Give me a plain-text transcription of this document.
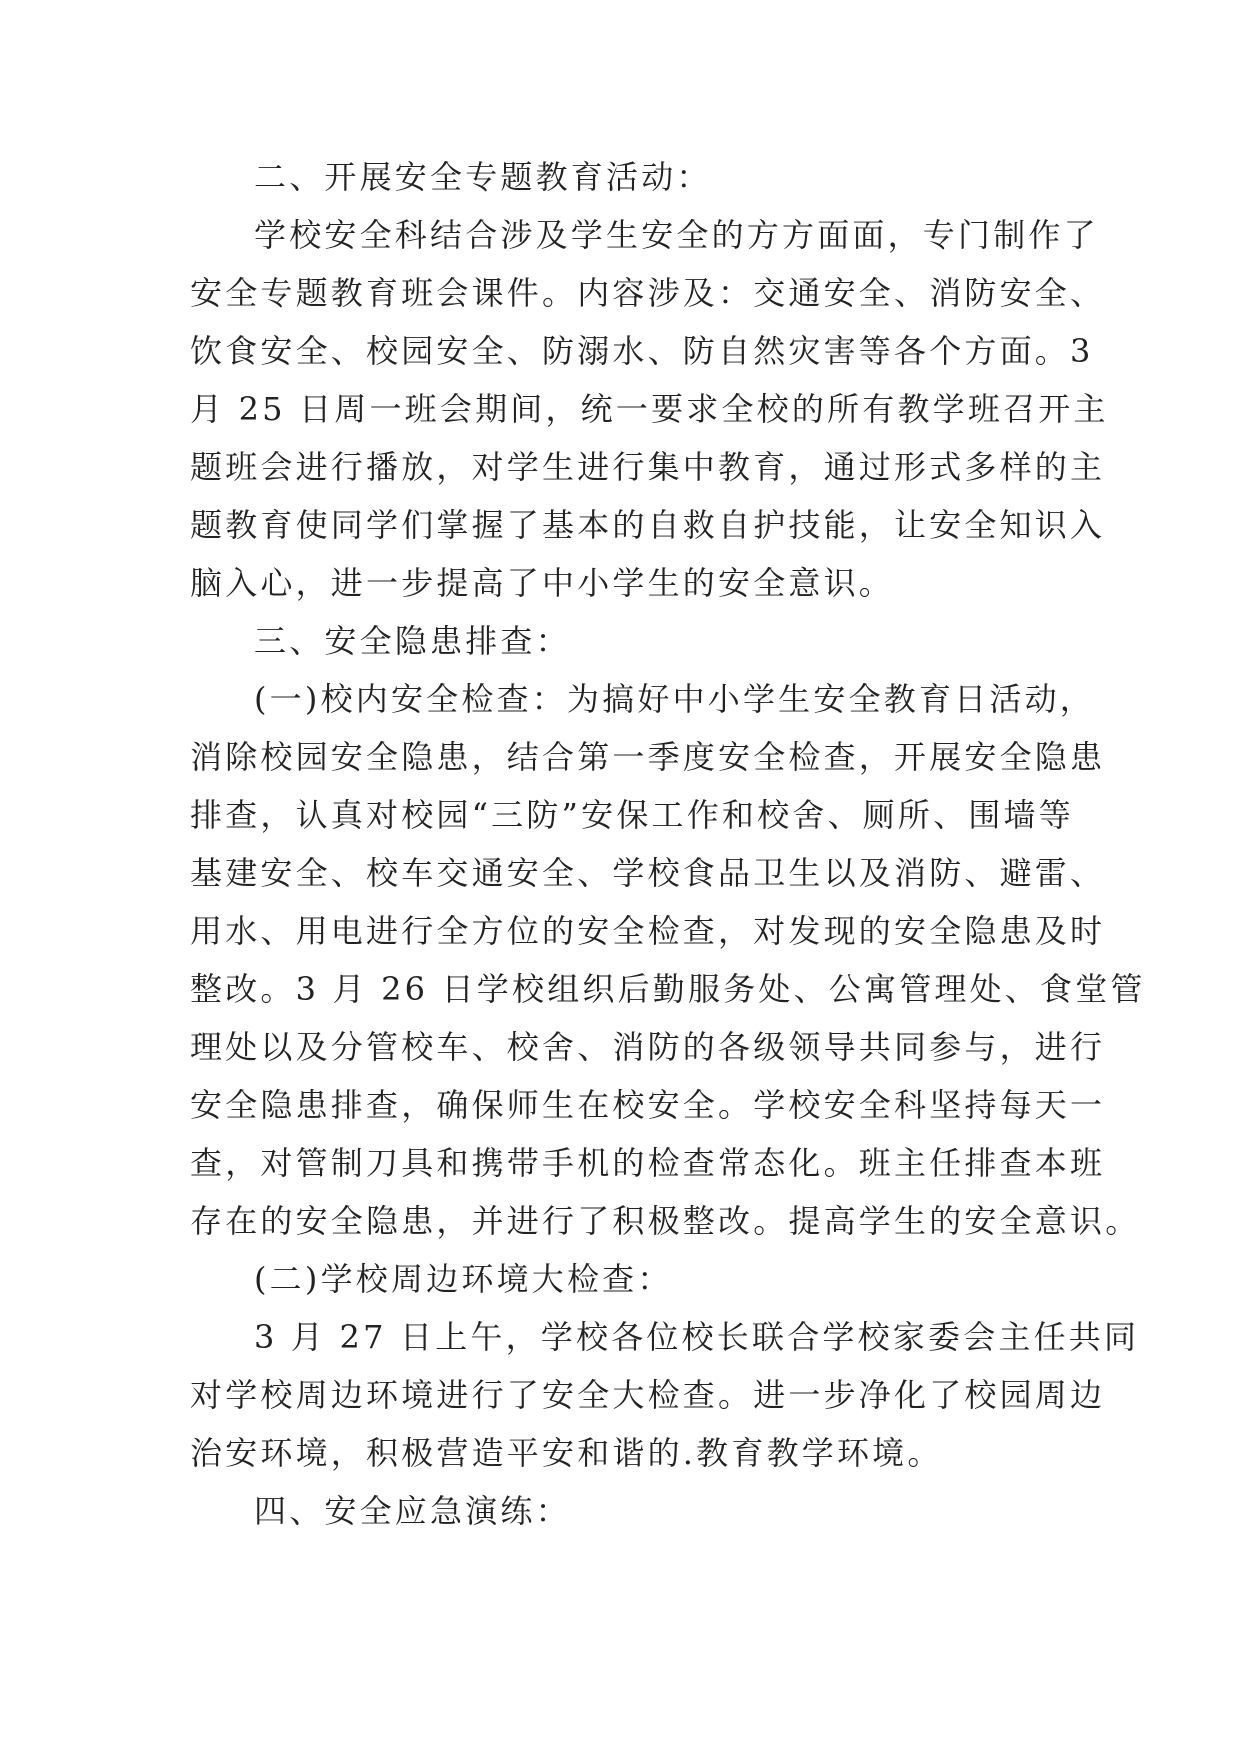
二、开展安全专题教育活动：
学校安全科结合涉及学生安全的方方面面，专门制作了
安全专题教育班会课件。内容涉及：交通安全、消防安全、
饮食安全、校园安全、防溺水、防自然灾害等各个方面。3
月 25 日周一班会期间，统一要求全校的所有教学班召开主
题班会进行播放，对学生进行集中教育，通过形式多样的主
题教育使同学们掌握了基本的自救自护技能，让安全知识入
脑入心，进一步提高了中小学生的安全意识。
三、安全隐患排查：
(一)校内安全检查：为搞好中小学生安全教育日活动，
消除校园安全隐患，结合第一季度安全检查，开展安全隐患
排查，认真对校园“三防”安保工作和校舍、厕所、围墙等
基建安全、校车交通安全、学校食品卫生以及消防、避雷、
用水、用电进行全方位的安全检查，对发现的安全隐患及时
整改。3 月 26 日学校组织后勤服务处、公寓管理处、食堂管
理处以及分管校车、校舍、消防的各级领导共同参与，进行
安全隐患排查，确保师生在校安全。学校安全科坚持每天一
查，对管制刀具和携带手机的检查常态化。班主任排查本班
存在的安全隐患，并进行了积极整改。提高学生的安全意识。
(二)学校周边环境大检查：
3 月 27 日上午，学校各位校长联合学校家委会主任共同
对学校周边环境进行了安全大检查。进一步净化了校园周边
治安环境，积极营造平安和谐的.教育教学环境。
四、安全应急演练：
